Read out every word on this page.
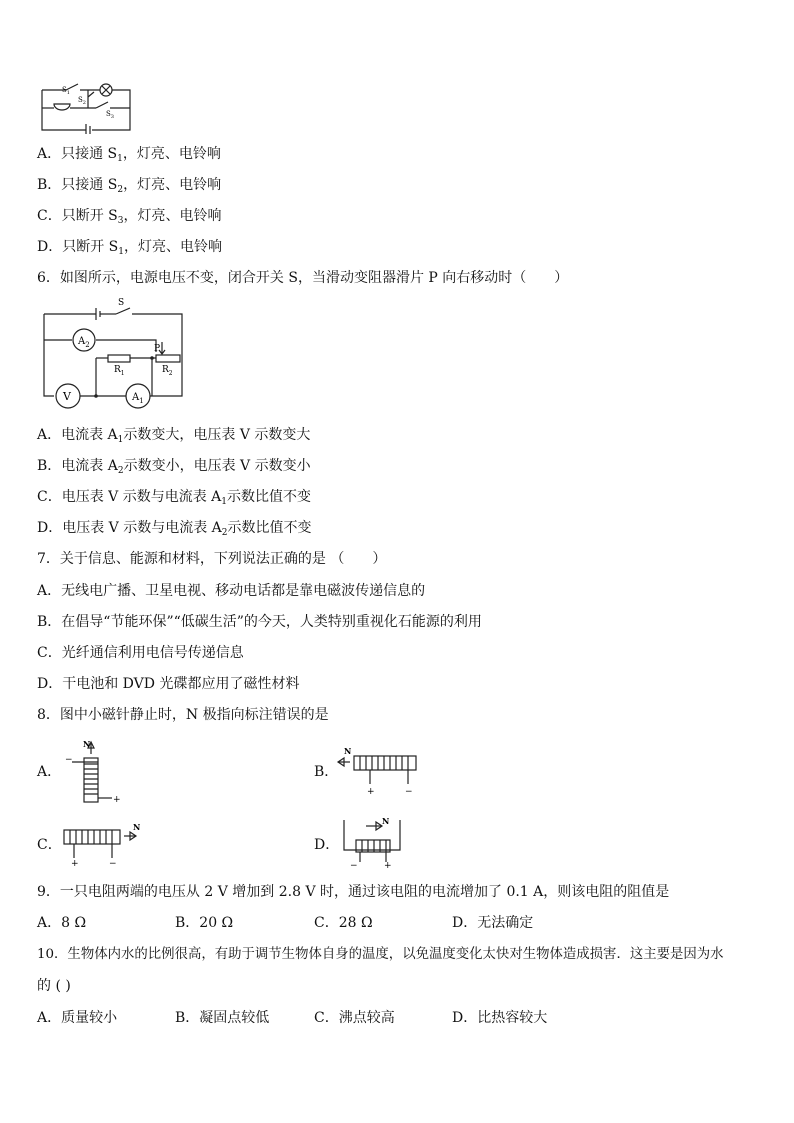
$S_1$
$S_2$
$S_3$
A．只接通 $S_1$，灯亮、电铃响
B．只接通 $S_2$，灯亮、电铃响
C．只断开 $S_3$，灯亮、电铃响
D．只断开 $S_1$，灯亮、电铃响
6．如图所示，电源电压不变，闭合开关 S，当滑动变阻器滑片 P 向右移动时（　　）
S
$A_2$	P
$R_1$	$R_2$
V	$A_1$
A．电流表 $A_1$示数变大，电压表 V 示数变大
B．电流表 $A_2$示数变小，电压表 V 示数变小
C．电压表 V 示数与电流表 $A_1$示数比值不变
D．电压表 V 示数与电流表 $A_2$示数比值不变
7．关于信息、能源和材料，下列说法正确的是 （　　）
A．无线电广播、卫星电视、移动电话都是靠电磁波传递信息的
B．在倡导“节能环保”“低碳生活”的今天，人类特别重视化石能源的利用
C．光纤通信利用电信号传递信息
D．干电池和 DVD 光碟都应用了磁性材料
8．图中小磁针静止时，N 极指向标注错误的是
A．
N
−
+
B．
N
+	−
C．
N
+	−
D．
N
−	+
9．一只电阻两端的电压从 2 V 增加到 2.8 V 时，通过该电阻的电流增加了 0.1 A，则该电阻的阻值是
A．8 Ω	B．20 Ω	C．28 Ω	D．无法确定
10．生物体内水的比例很高，有助于调节生物体自身的温度，以免温度变化太快对生物体造成损害．这主要是因为水
的 ( )
A．质量较小	B．凝固点较低	C．沸点较高	D．比热容较大
